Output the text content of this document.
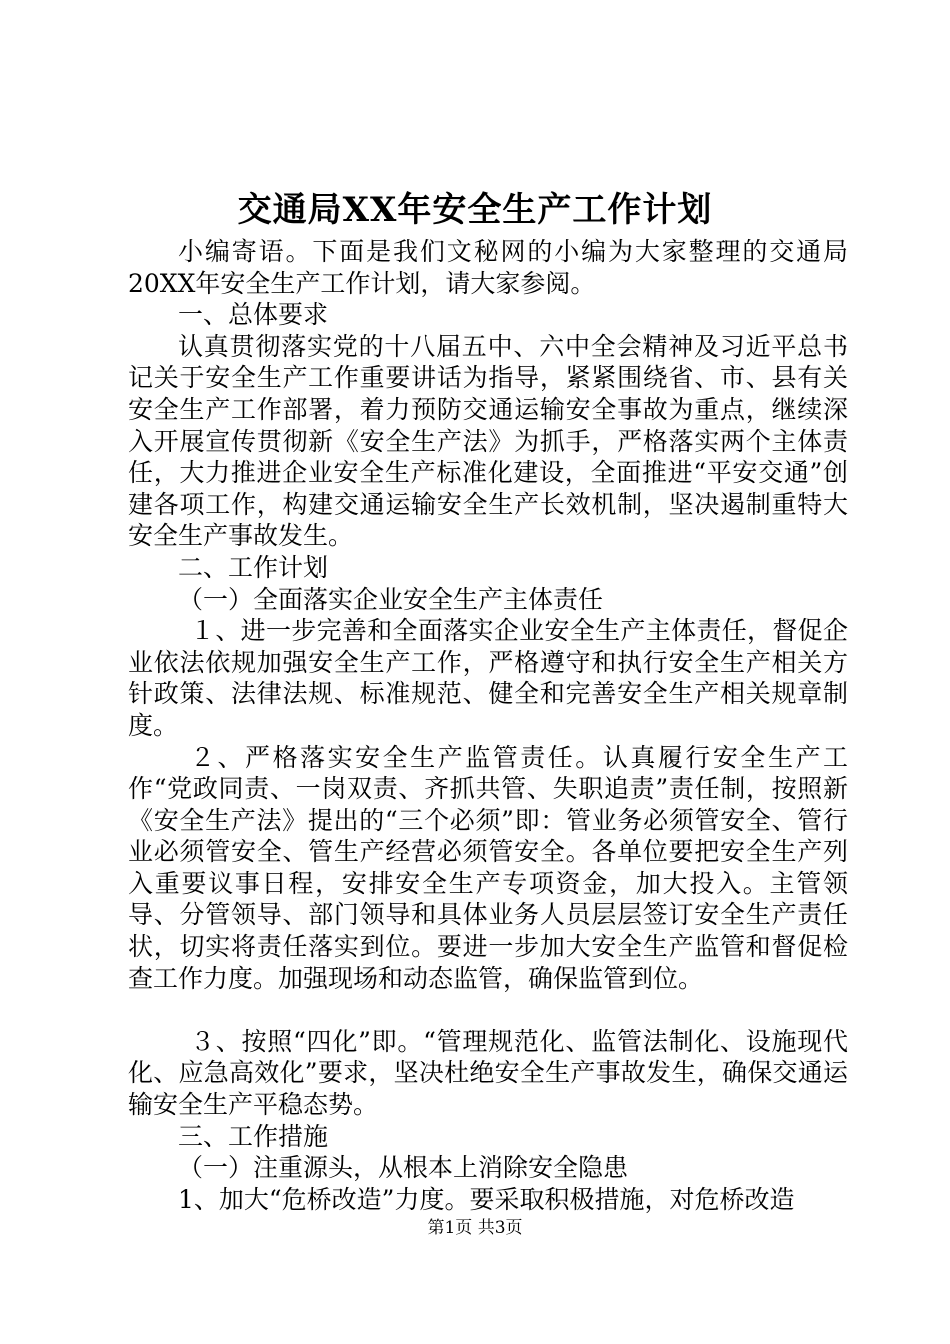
交通局XX年安全生产工作计划

小编寄语。下面是我们文秘网的小编为大家整理的交通局20XX年安全生产工作计划，请大家参阅。

一、总体要求

认真贯彻落实党的十八届五中、六中全会精神及习近平总书记关于安全生产工作重要讲话为指导，紧紧围绕省、市、县有关安全生产工作部署，着力预防交通运输安全事故为重点，继续深入开展宣传贯彻新《安全生产法》为抓手，严格落实两个主体责任，大力推进企业安全生产标准化建设，全面推进“平安交通”创建各项工作，构建交通运输安全生产长效机制，坚决遏制重特大安全生产事故发生。

二、工作计划

（一）全面落实企业安全生产主体责任

１、进一步完善和全面落实企业安全生产主体责任，督促企业依法依规加强安全生产工作，严格遵守和执行安全生产相关方针政策、法律法规、标准规范、健全和完善安全生产相关规章制度。

２、严格落实安全生产监管责任。认真履行安全生产工作“党政同责、一岗双责、齐抓共管、失职追责”责任制，按照新《安全生产法》提出的“三个必须”即：管业务必须管安全、管行业必须管安全、管生产经营必须管安全。各单位要把安全生产列入重要议事日程，安排安全生产专项资金，加大投入。主管领导、分管领导、部门领导和具体业务人员层层签订安全生产责任状，切实将责任落实到位。要进一步加大安全生产监管和督促检查工作力度。加强现场和动态监管，确保监管到位。

３、按照“四化”即。“管理规范化、监管法制化、设施现代化、应急高效化”要求，坚决杜绝安全生产事故发生，确保交通运输安全生产平稳态势。

三、工作措施

（一）注重源头，从根本上消除安全隐患

1、加大“危桥改造”力度。要采取积极措施，对危桥改造

第1页 共3页
